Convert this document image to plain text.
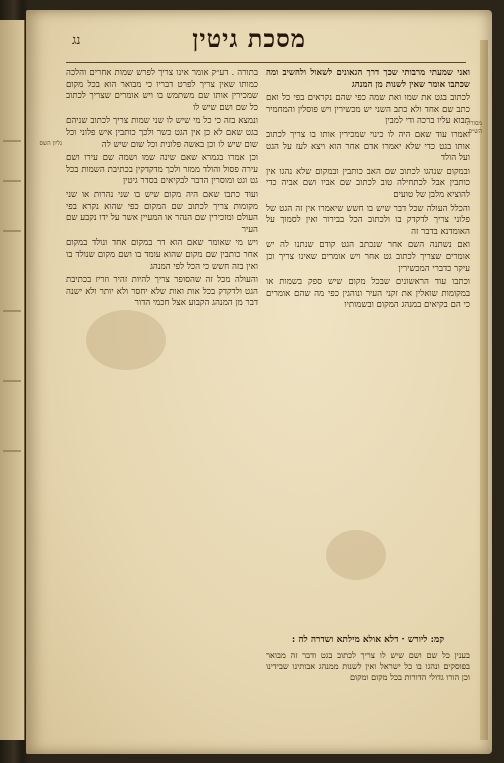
נג	מסכת גיטין
גליון השס
מסורת הש״ס

בתורה . דע״ק אומר אינו צריך לפרש שמות אחרים והלכה כמותו שאין צריך לפרט דבריו כי מבואר הוא בכל מקום שמכירין אותו שם משתמש בו ויש אומרים שצריך לכתוב כל שם ושם שיש לו

ונמצא בזה כי כל מי שיש לו שני שמות צריך לכתוב שניהם בגט שאם לא כן אין הגט כשר ולכך כותבין איש פלוני וכל שום שיש לו וכן באשה פלונית וכל שום שיש לה

וכן אמרו בגמרא שאם שינה שמו ושמה שם עירו ושם עירה פסול והולד ממזר ולכך מדקדקין בכתיבת השמות בכל גט וגט ומוסרין הדבר לבקיאים בסדר גיטין

ועוד כתבו שאם היה מקום שיש בו שני נהרות או שני מקומות צריך לכתוב שם המקום כפי שהוא נקרא בפי העולם ומזכירין שם הנהר או המעיין אשר על ידו נקבע שם העיר

ויש מי שאומר שאם הוא דר במקום אחד ונולד במקום אחר כותבין שם מקום שהוא עומד בו ושם מקום שנולד בו ואין בזה חשש כי הכל לפי המנהג

והעולה מכל זה שהסופר צריך להיות זהיר וזריז בכתיבת הגט ולדקדק בכל אות ואות שלא יחסר ולא יותר ולא ישנה דבר מן המנהג הקבוע אצל חכמי הדור

ואני שמעתי מרבותי שכך דרך הגאונים לשאול ולהשיב ומה שכתבו אומר שאין לשנות מן המנהג

לכתוב בגט את שמו ואת שמה כפי שהם נקראים בפי כל ואם כתב שם אחד ולא כתב השני יש מכשירין ויש פוסלין והמחמיר תבוא עליו ברכה ודי למבין

ואמרו עוד שאם היה לו כינוי שמכירין אותו בו צריך לכתוב אותו בגט כדי שלא יאמרו אדם אחר הוא ויצא לעז על הגט ועל הולד

ובמקום שנהגו לכתוב שם האב כותבין ובמקום שלא נהגו אין כותבין אבל לכתחילה טוב לכתוב שם אביו ושם אביה כדי להוציא מלבן של טועים

והכלל העולה שכל דבר שיש בו חשש שיאמרו אין זה הגט של פלוני צריך לדקדק בו ולכתוב הכל בבירור ואין לסמוך על האומדנא בדבר זה

ואם נשתנה השם אחר שנכתב הגט קודם שנתנו לה יש אומרים שצריך לכתוב גט אחר ויש אומרים שאינו צריך וכן עיקר כדברי המכשירין

וכתבו עוד הראשונים שבכל מקום שיש ספק בשמות או במקומות שואלין את זקני העיר ונוהגין כפי מה שהם אומרים כי הם בקיאים במנהג המקום ובשמותיו

קמ: ליורש · דלא אולא מילתא ושדרה לה :
בענין כל שם ושם שיש לו צריך לכתוב בגט ודבר זה מבואר בפוסקים ונהגו בו כל ישראל ואין לשנות ממנהג אבותינו שבידינו וכן הורו גדולי הדורות בכל מקום ומקום
